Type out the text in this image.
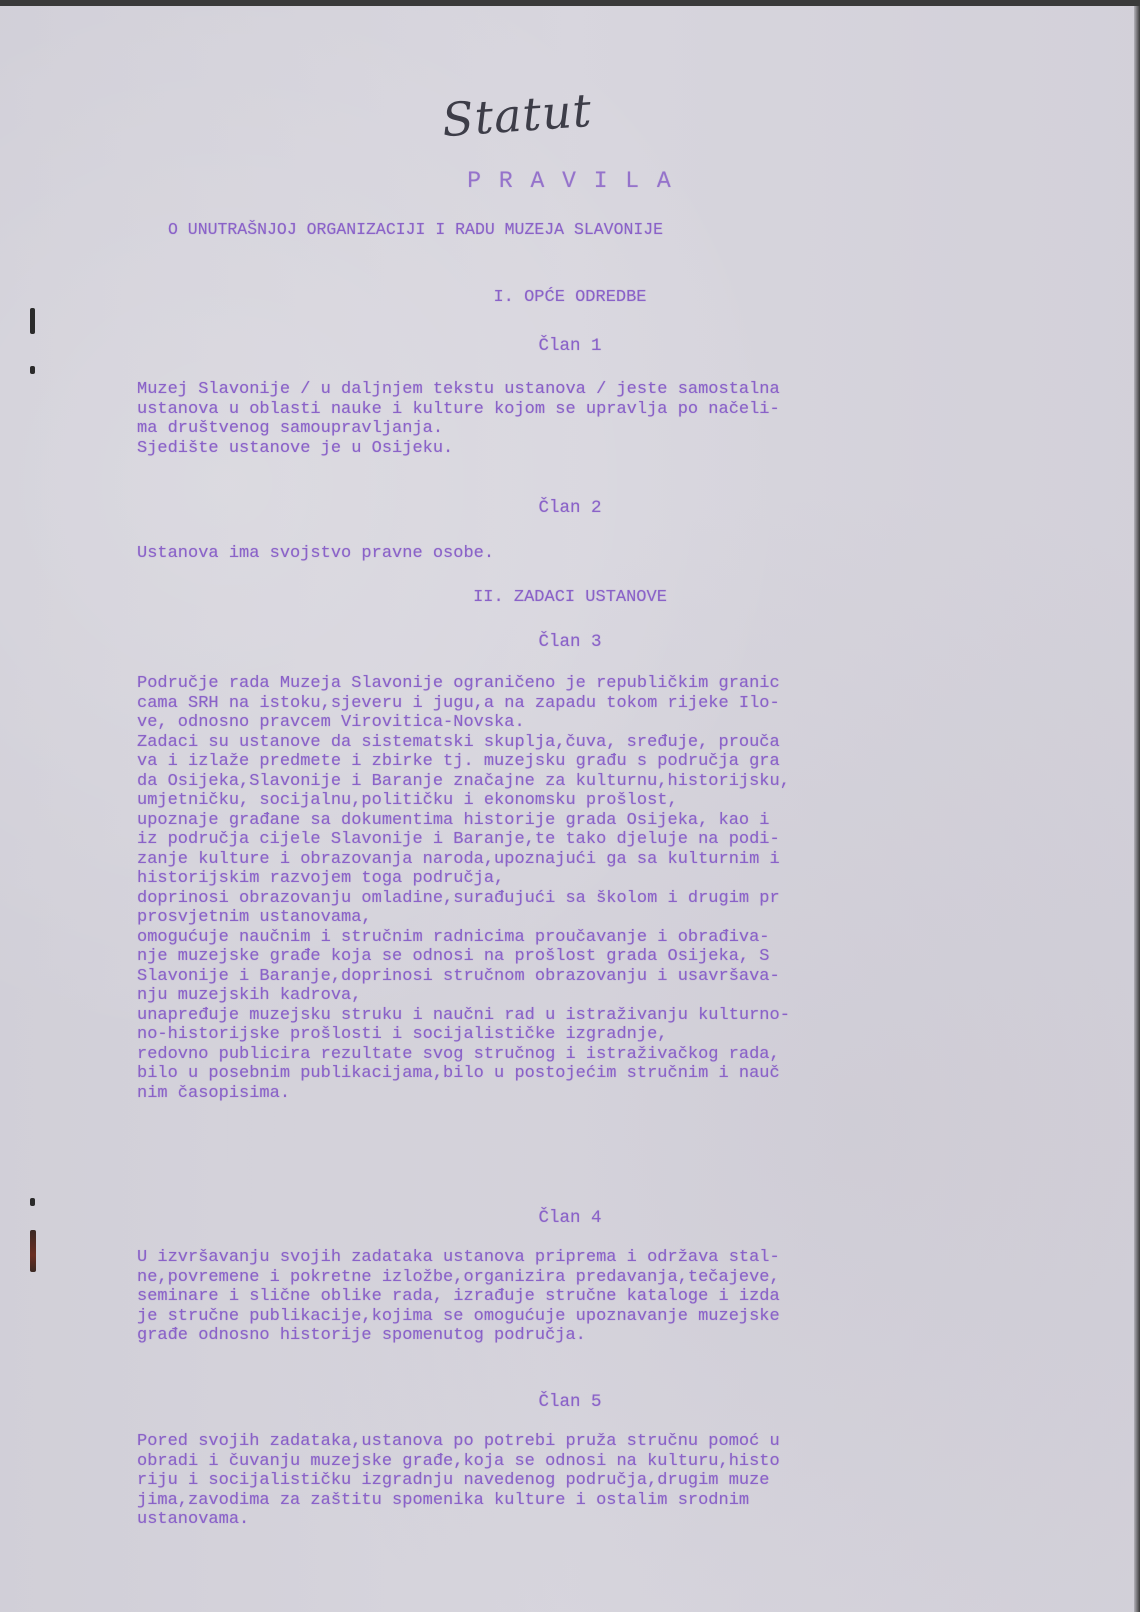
Statut

P R A V I L A

O UNUTRAŠNJOJ ORGANIZACIJI I RADU MUZEJA SLAVONIJE

I. OPĆE ODREDBE

Član 1

Muzej Slavonije / u daljnjem tekstu ustanova / jeste samostalna
ustanova u oblasti nauke i kulture kojom se upravlja po načeli-
ma društvenog samoupravljanja.
Sjedište ustanove je u Osijeku.

Član 2

Ustanova ima svojstvo pravne osobe.

II. ZADACI USTANOVE

Član 3

Područje rada Muzeja Slavonije ograničeno je republičkim granic
cama SRH na istoku,sjeveru i jugu,a na zapadu tokom rijeke Ilo-
ve, odnosno pravcem Virovitica-Novska.
Zadaci su ustanove da sistematski skuplja,čuva, sređuje, prouča
va i izlaže predmete i zbirke tj. muzejsku građu s područja gra
da Osijeka,Slavonije i Baranje značajne za kulturnu,historijsku,
umjetničku, socijalnu,političku i ekonomsku prošlost,
upoznaje građane sa dokumentima historije grada Osijeka, kao i
iz područja cijele Slavonije i Baranje,te tako djeluje na podi-
zanje kulture i obrazovanja naroda,upoznajući ga sa kulturnim i
historijskim razvojem toga područja,
doprinosi obrazovanju omladine,surađujući sa školom i drugim pr
prosvjetnim ustanovama,
omogućuje naučnim i stručnim radnicima proučavanje i obrađiva-
nje muzejske građe koja se odnosi na prošlost grada Osijeka, S
Slavonije i Baranje,doprinosi stručnom obrazovanju i usavršava-
nju muzejskih kadrova,
unapređuje muzejsku struku i naučni rad u istraživanju kulturno-
no-historijske prošlosti i socijalističke izgradnje,
redovno publicira rezultate svog stručnog i istraživačkog rada,
bilo u posebnim publikacijama,bilo u postojećim stručnim i nauč
nim časopisima.

Član 4

U izvršavanju svojih zadataka ustanova priprema i održava stal-
ne,povremene i pokretne izložbe,organizira predavanja,tečajeve,
seminare i slične oblike rada, izrađuje stručne kataloge i izda
je stručne publikacije,kojima se omogućuje upoznavanje muzejske
građe odnosno historije spomenutog područja.

Član 5

Pored svojih zadataka,ustanova po potrebi pruža stručnu pomoć u
obradi i čuvanju muzejske građe,koja se odnosi na kulturu,histo
riju i socijalističku izgradnju navedenog područja,drugim muze
jima,zavodima za zaštitu spomenika kulture i ostalim srodnim
ustanovama.
